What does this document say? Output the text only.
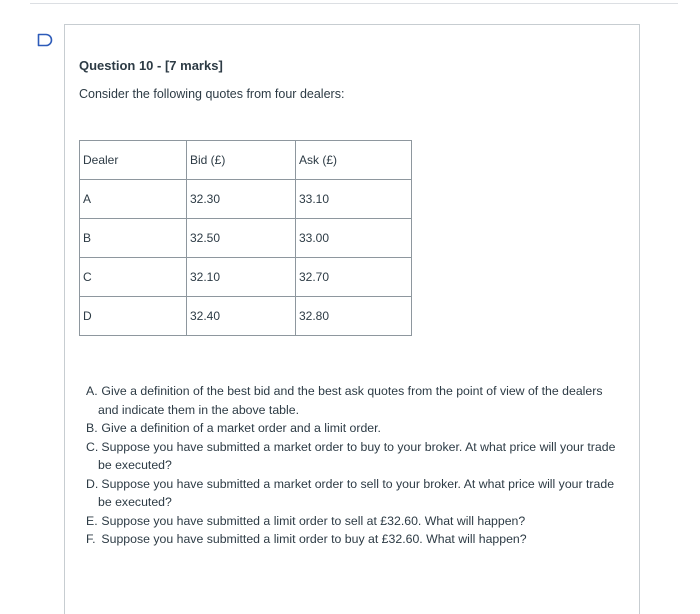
Question 10 - [7 marks]

Consider the following quotes from four dealers:

Dealer	Bid (£)	Ask (£)
A	32.30	33.10
B	32.50	33.00
C	32.10	32.70
D	32.40	32.80
A. Give a definition of the best bid and the best ask quotes from the point of view of the dealers and indicate them in the above table.
B. Give a definition of a market order and a limit order.
C. Suppose you have submitted a market order to buy to your broker. At what price will your trade be executed?
D. Suppose you have submitted a market order to sell to your broker. At what price will your trade be executed?
E. Suppose you have submitted a limit order to sell at £32.60. What will happen?
F. Suppose you have submitted a limit order to buy at £32.60. What will happen?
